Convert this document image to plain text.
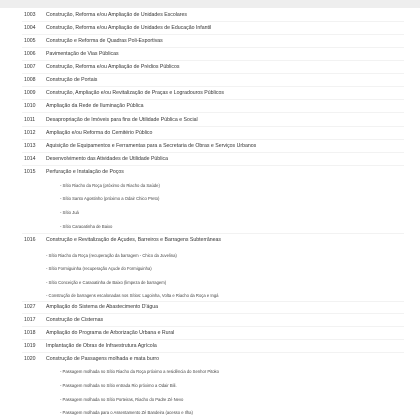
1003 Construção, Reforma e/ou Ampliação de Unidades Escolares
1004 Construção, Reforma e/ou Ampliação de Unidades de Educação Infantil
1005 Construção e Reforma de Quadras Poli-Esportivas
1006 Pavimentação de Vias Públicas
1007 Construção, Reforma e/ou Ampliação de Prédios Públicos
1008 Construção de Portais
1009 Construção, Ampliação e/ou Revitalização de Praças e Logradouros Públicos
1010 Ampliação da Rede de Iluminação Pública
1011 Desapropriação de Imóveis para fins de Utilidade Pública e Social
1012 Ampliação e/ou Reforma do Cemitério Público
1013 Aquisição de Equipamentos e Ferramentas para a Secretaria de Obras e Serviços Urbanos
1014 Desenvolvimento das Atividades de Utilidade Pública
1015 Perfuração e Instalação de Poços
- Sítio Riacho da Roça (próximo do Riacho da Saúde)
- Sítio Santo Agostinho (próximo a Odair Chico Preto)
- Sítio Juá
- Sítio Caraoatinha de Baixo
1016 Construção e Revitalização de Açudes, Barreiros e Barragens Subterrâneas
- Sítio Riacho da Roça (recuperação da barragem - Chico da Juvelina)
- Sítio Formiguinha (recuperação Açude do Formiguinha)
- Sítio Conceição e Caraoatinha de Baixo (limpeza de barragem)
- Construção de barragens escalonadas nos Sítios: Lagoinha, Volta e Riacho da Roça e Ingá
1027 Ampliação do Sistema de Abastecimento D'água
1017 Construção de Cisternas
1018 Ampliação do Programa de Arborização Urbana e Rural
1019 Implantação de Obras de Infraestrutura Agrícola
1020 Construção de Passagens molhada e mata burro
- Passagem molhada no Sítio Riacho da Roça próximo a residência do Senhor Pitoko
- Passagem molhada no Sítio entrada Rio próximo a Odair Bili.
- Passagem molhada no Sítio Porteiras, Riacho do Padre Zé Nevo
- Passagem molhada para o Assentamento Zé Bandeira (acesso e Ilha)
